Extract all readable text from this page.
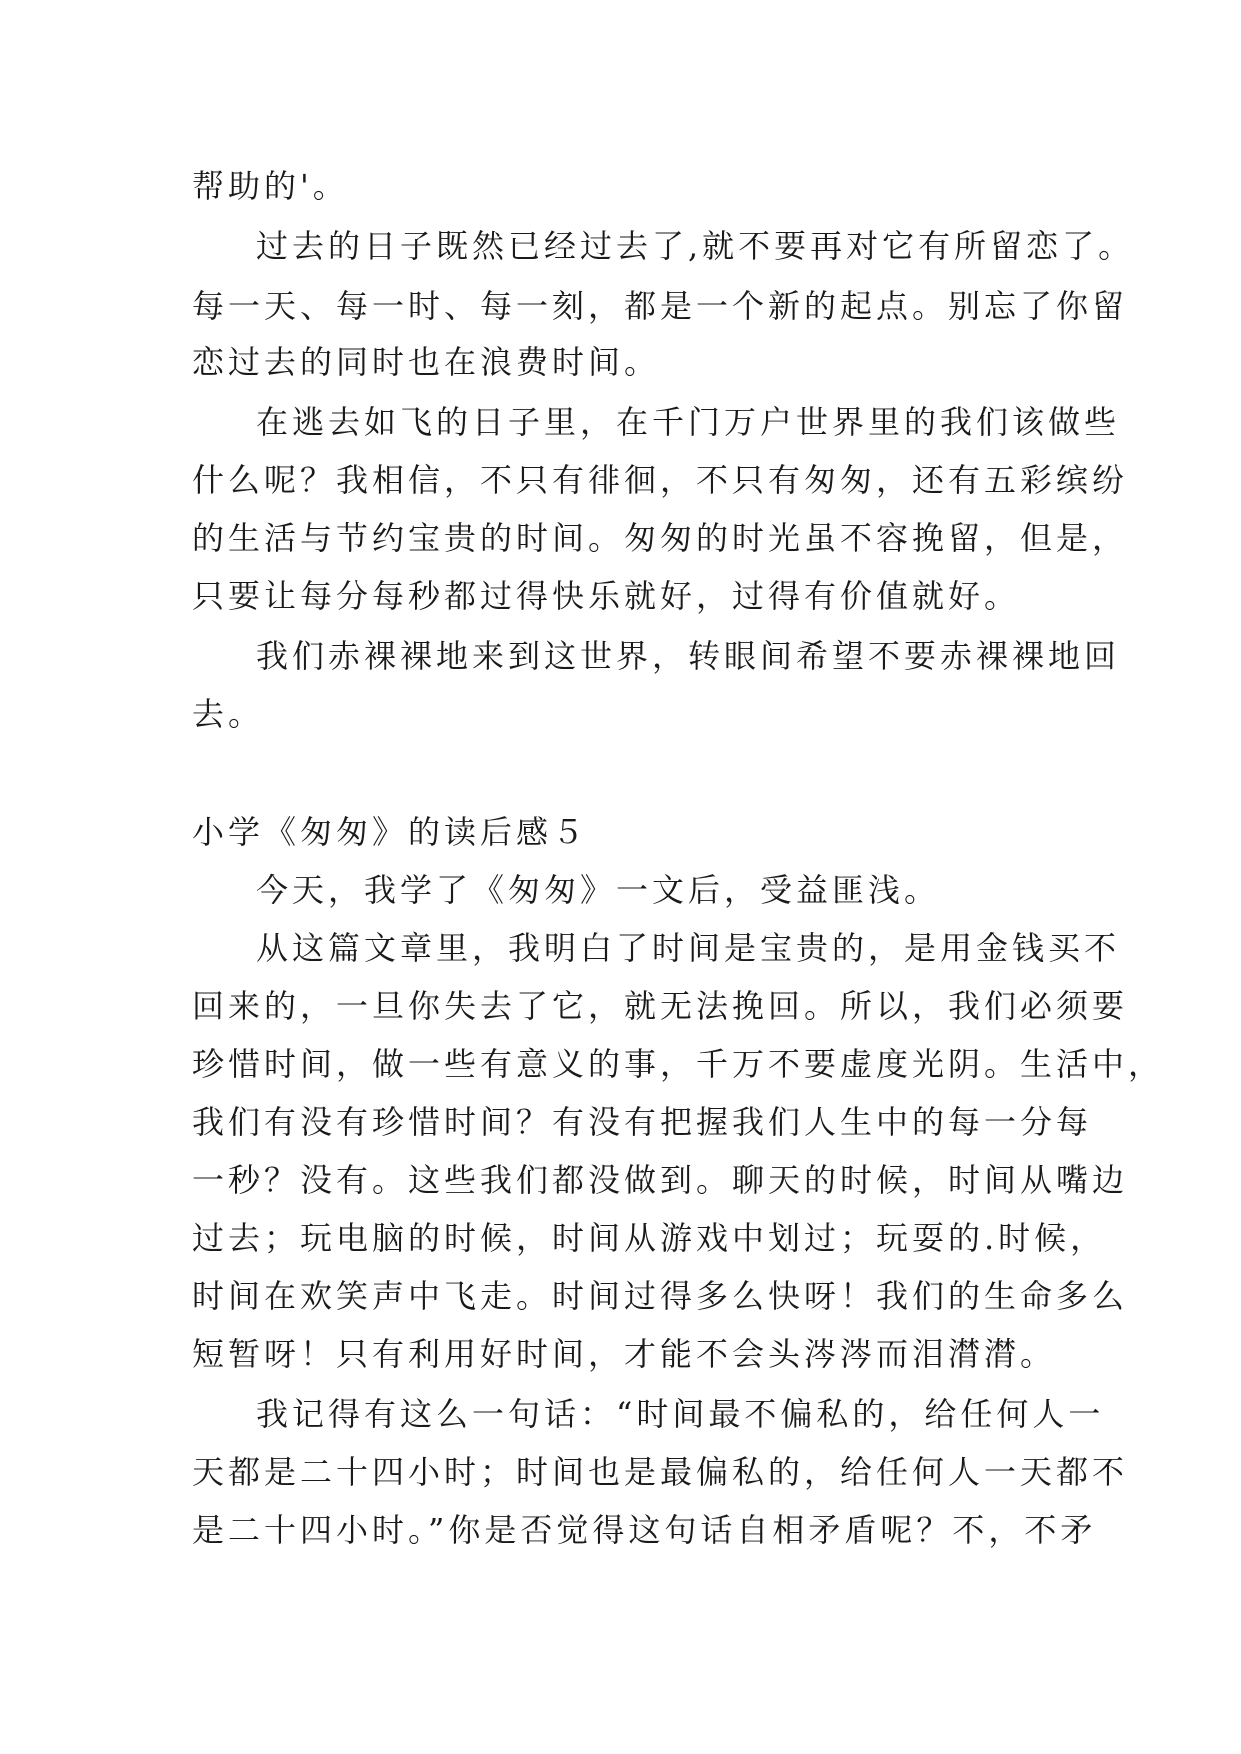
帮助的'。
过去的日子既然已经过去了,就不要再对它有所留恋了。
每一天、每一时、每一刻，都是一个新的起点。别忘了你留
恋过去的同时也在浪费时间。
在逃去如飞的日子里，在千门万户世界里的我们该做些
什么呢？我相信，不只有徘徊，不只有匆匆，还有五彩缤纷
的生活与节约宝贵的时间。匆匆的时光虽不容挽留，但是，
只要让每分每秒都过得快乐就好，过得有价值就好。
我们赤裸裸地来到这世界，转眼间希望不要赤裸裸地回
去。
小学《匆匆》的读后感５
今天，我学了《匆匆》一文后，受益匪浅。
从这篇文章里，我明白了时间是宝贵的，是用金钱买不
回来的，一旦你失去了它，就无法挽回。所以，我们必须要
珍惜时间，做一些有意义的事，千万不要虚度光阴。生活中，
我们有没有珍惜时间？有没有把握我们人生中的每一分每
一秒？没有。这些我们都没做到。聊天的时候，时间从嘴边
过去；玩电脑的时候，时间从游戏中划过；玩耍的.时候，
时间在欢笑声中飞走。时间过得多么快呀！我们的生命多么
短暂呀！只有利用好时间，才能不会头涔涔而泪潸潸。
我记得有这么一句话：“时间最不偏私的，给任何人一
天都是二十四小时；时间也是最偏私的，给任何人一天都不
是二十四小时。”你是否觉得这句话自相矛盾呢？不，不矛
